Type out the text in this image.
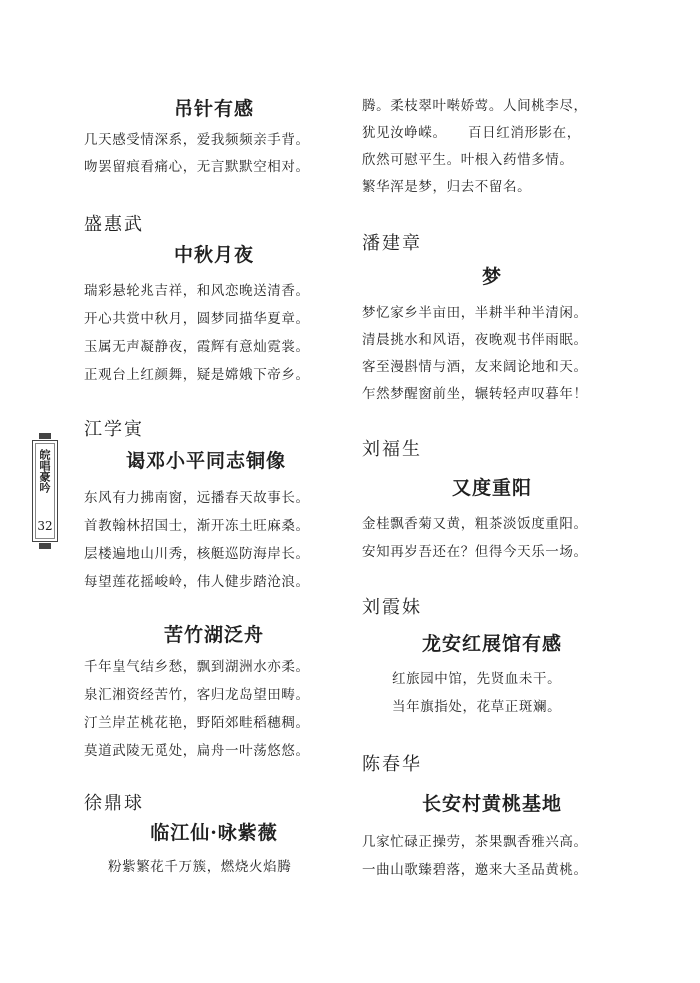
皖唱豪吟
32
吊针有感
几天感受情深系，爱我频频亲手背。
吻罢留痕看痛心，无言默默空相对。
盛惠武
中秋月夜
瑞彩悬轮兆吉祥，和风恋晚送清香。
开心共赏中秋月，圆梦同描华夏章。
玉属无声凝静夜，霞辉有意灿霓裳。
正观台上红颜舞，疑是嫦娥下帝乡。
江学寅
谒邓小平同志铜像
东风有力拂南窗，远播春天故事长。
首教翰林招国士，渐开冻土旺麻桑。
层楼遍地山川秀，核艇巡防海岸长。
每望莲花摇峻岭，伟人健步踏沧浪。
苦竹湖泛舟
千年皇气结乡愁，飘到湖洲水亦柔。
泉汇湘资经苦竹，客归龙岛望田畴。
汀兰岸芷桃花艳，野陌郊畦稻穗稠。
莫道武陵无觅处，扁舟一叶荡悠悠。
徐鼎球
临江仙·咏紫薇
粉紫繁花千万簇，燃烧火焰腾
腾。柔枝翠叶啭娇莺。人间桃李尽，
犹见汝峥嵘。　　百日红消形影在，
欣然可慰平生。叶根入药惜多情。
繁华浑是梦，归去不留名。
潘建章
梦
梦忆家乡半亩田，半耕半种半清闲。
清晨挑水和风语，夜晚观书伴雨眠。
客至漫斟情与酒，友来阔论地和天。
乍然梦醒窗前坐，辗转轻声叹暮年！
刘福生
又度重阳
金桂飘香菊又黄，粗茶淡饭度重阳。
安知再岁吾还在？但得今天乐一场。
刘霞妹
龙安红展馆有感
红旅园中馆，先贤血未干。
当年旗指处，花草正斑斓。
陈春华
长安村黄桃基地
几家忙碌正操劳，茶果飘香雅兴高。
一曲山歌臻碧落，邀来大圣品黄桃。
